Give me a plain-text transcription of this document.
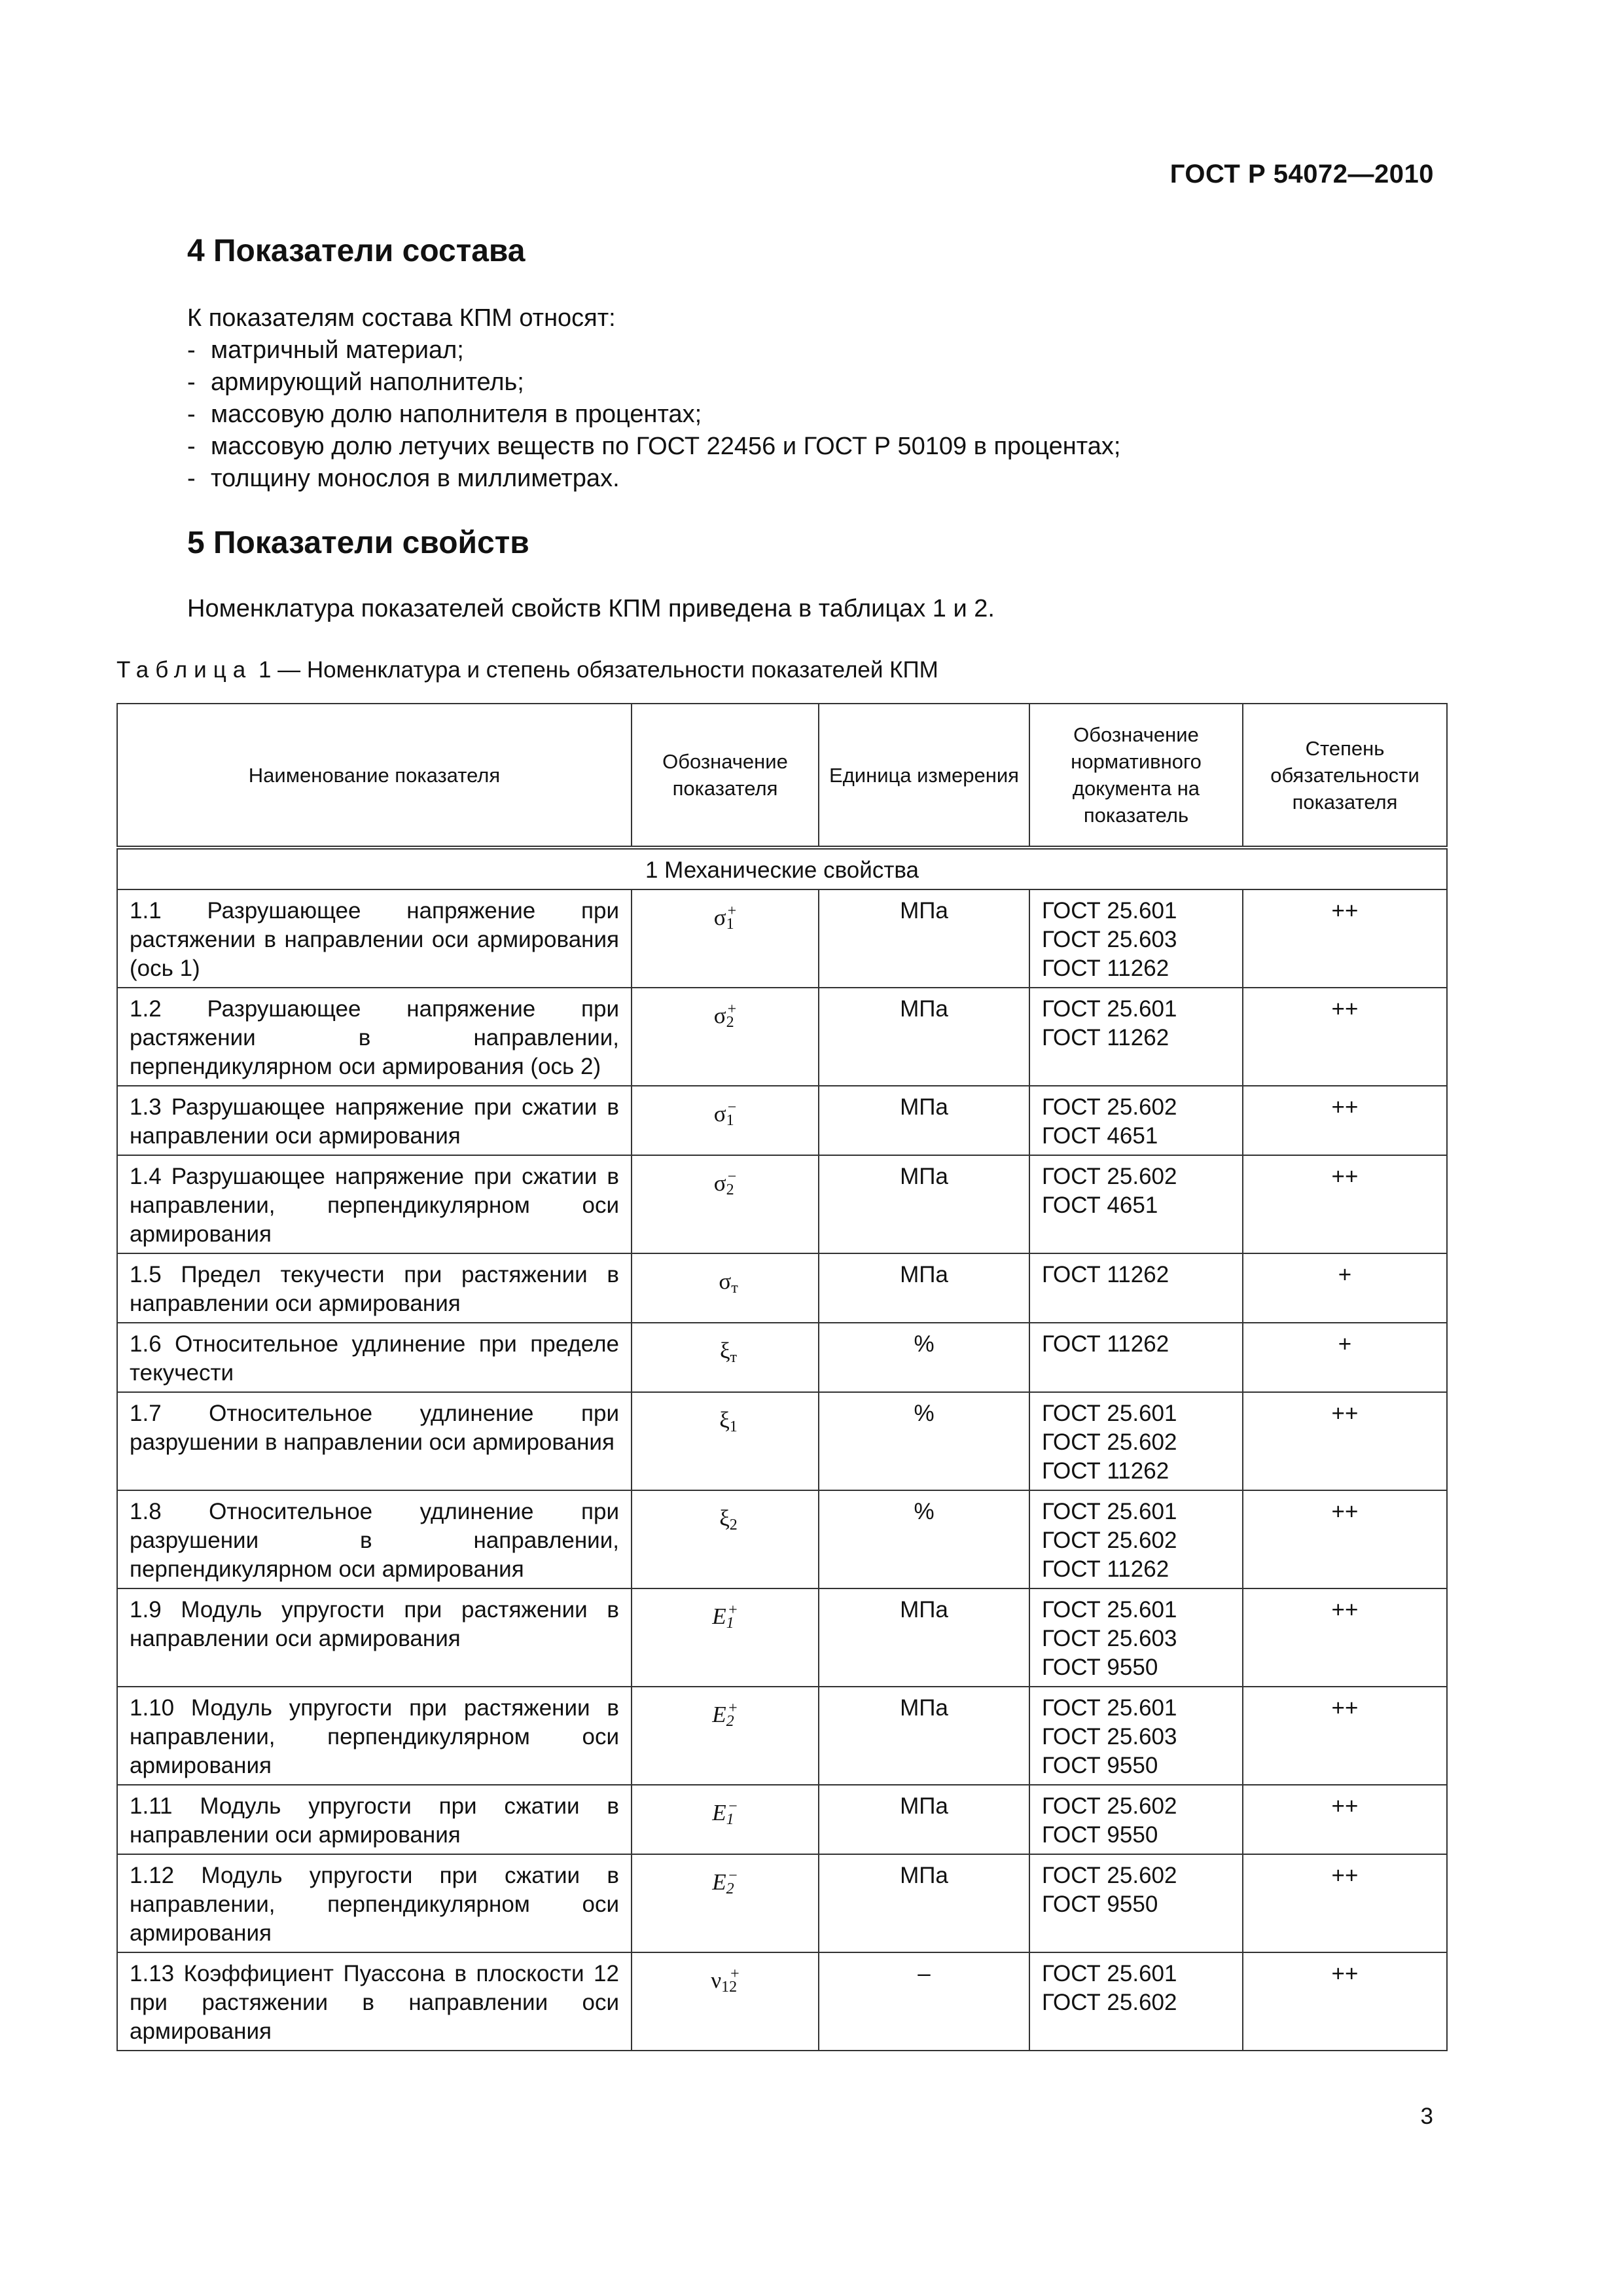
ГОСТ Р 54072—2010
4 Показатели состава
К показателям состава КПМ относят:
- матричный материал;
- армирующий наполнитель;
- массовую долю наполнителя в процентах;
- массовую долю летучих веществ по ГОСТ 22456 и ГОСТ Р 50109 в процентах;
- толщину монослоя в миллиметрах.
5 Показатели свойств
Номенклатура показателей свойств КПМ приведена в таблицах 1 и 2.
Таблица 1 — Номенклатура и степень обязательности показателей КПМ
Наименование показателя	Обозначение показателя	Единица измерения	Обозначение нормативного документа на показатель	Степень обязательности показателя
1 Механические свойства				
1.1 Разрушающее напряжение при растяжении в направлении оси армирования (ось 1)	$\sigma_1^+$	МПа	ГОСТ 25.601
ГОСТ 25.603
ГОСТ 11262	++
1.2 Разрушающее напряжение при растяжении в направлении, перпендикулярном оси армирования (ось 2)	$\sigma_2^+$	МПа	ГОСТ 25.601
ГОСТ 11262	++
1.3 Разрушающее напряжение при сжатии в направлении оси армирования	$\sigma_1^-$	МПа	ГОСТ 25.602
ГОСТ 4651	++
1.4 Разрушающее напряжение при сжатии в направлении, перпендикулярном оси армирования	$\sigma_2^-$	МПа	ГОСТ 25.602
ГОСТ 4651	++
1.5 Предел текучести при растяжении в направлении оси армирования	$\sigma_т$	МПа	ГОСТ 11262	+
1.6 Относительное удлинение при пределе текучести	$\xi_т$	%	ГОСТ 11262	+
1.7 Относительное удлинение при разрушении в направлении оси армирования	$\xi_1$	%	ГОСТ 25.601
ГОСТ 25.602
ГОСТ 11262	++
1.8 Относительное удлинение при разрушении в направлении, перпендикулярном оси армирования	$\xi_2$	%	ГОСТ 25.601
ГОСТ 25.602
ГОСТ 11262	++
1.9 Модуль упругости при растяжении в направлении оси армирования	$E_1^+$	МПа	ГОСТ 25.601
ГОСТ 25.603
ГОСТ 9550	++
1.10 Модуль упругости при растяжении в направлении, перпендикулярном оси армирования	$E_2^+$	МПа	ГОСТ 25.601
ГОСТ 25.603
ГОСТ 9550	++
1.11 Модуль упругости при сжатии в направлении оси армирования	$E_1^-$	МПа	ГОСТ 25.602
ГОСТ 9550	++
1.12 Модуль упругости при сжатии в направлении, перпендикулярном оси армирования	$E_2^-$	МПа	ГОСТ 25.602
ГОСТ 9550	++
1.13 Коэффициент Пуассона в плоскости 12 при растяжении в направлении оси армирования	$\nu_{12}^+$	–	ГОСТ 25.601
ГОСТ 25.602	++
3
